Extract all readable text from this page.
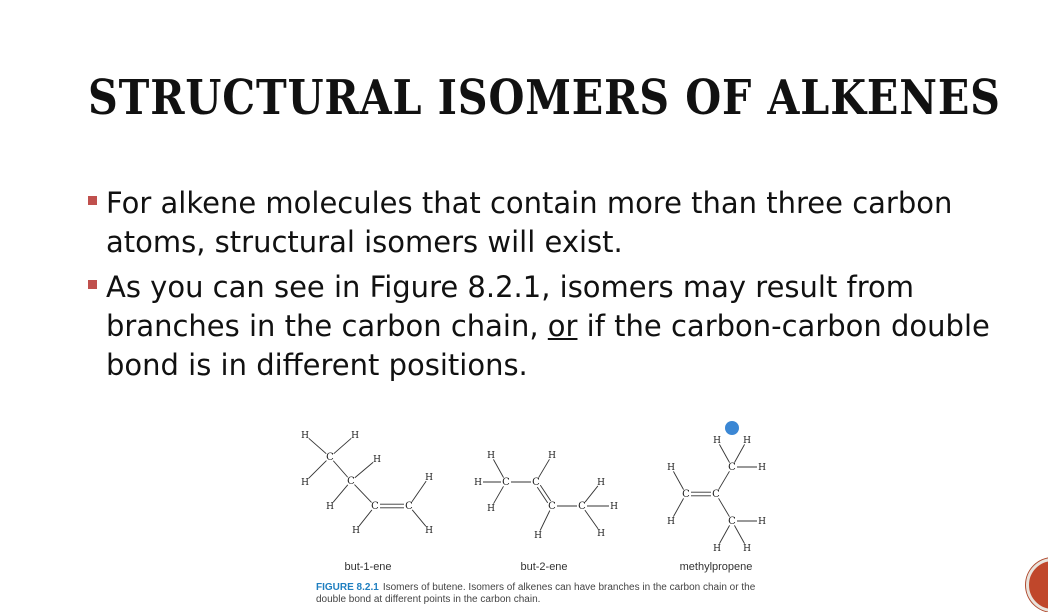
STRUCTURAL ISOMERS OF ALKENES
For alkene molecules that contain more than three carbon atoms, structural isomers will exist.
As you can see in Figure 8.2.1, isomers may result from branches in the carbon chain, or if the carbon-carbon double bond is in different positions.
C
C
C	C
H	H
H
H
H
H
H
H
C C
C C
H
H
H
H
H
H
H
H
C C
C
C
H
H
H H
H
H H
H
but-1-ene	but-2-ene	methylpropene
FIGURE 8.2.1 Isomers of butene. Isomers of alkenes can have branches in the carbon chain or the double bond at different points in the carbon chain.
